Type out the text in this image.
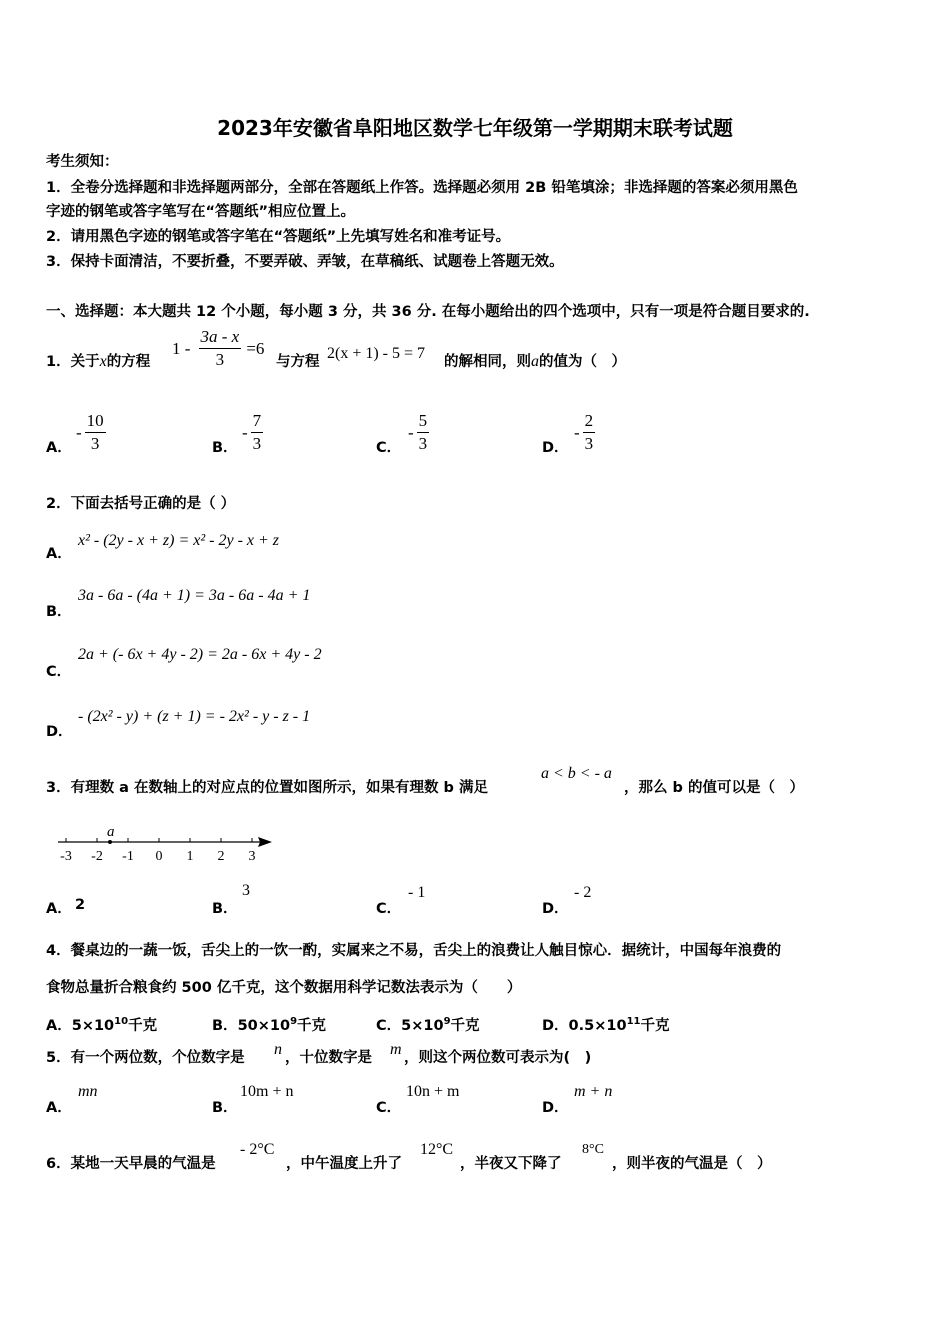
2023年安徽省阜阳地区数学七年级第一学期期末联考试题
考生须知：
1．全卷分选择题和非选择题两部分，全部在答题纸上作答。选择题必须用 2B 铅笔填涂；非选择题的答案必须用黑色
字迹的钢笔或答字笔写在“答题纸”相应位置上。
2．请用黑色字迹的钢笔或答字笔在“答题纸”上先填写姓名和准考证号。
3．保持卡面清洁，不要折叠，不要弄破、弄皱，在草稿纸、试题卷上答题无效。
一、选择题：本大题共 12 个小题，每小题 3 分，共 36 分. 在每小题给出的四个选项中，只有一项是符合题目要求的.
1．关于x的方程
$1 - \frac{3a - x}{3} =6$
与方程 2(x + 1) - 5 = 7 的解相同，则a的值为（　）
A．
- $\frac{10}{3}$	B．
- $\frac{7}{3}$	C．
- $\frac{5}{3}$	D．
- $\frac{2}{3}$
2．下面去括号正确的是（ ）
A．
x² - (2y - x + z) = x² - 2y - x + z
B．
3a - 6a - (4a + 1) = 3a - 6a - 4a + 1
C．
2a + (- 6x + 4y - 2) = 2a - 6x + 4y - 2
D．
- (2x² - y) + (z + 1) = - 2x² - y - z - 1
3．有理数 a 在数轴上的对应点的位置如图所示，如果有理数 b 满足
a < b < - a
，那么 b 的值可以是（　）
-3 -2 -1 0 1 2 3
a
A． 2	B．
3
C．
- 1
D．
- 2
4．餐桌边的一蔬一饭，舌尖上的一饮一酌，实属来之不易，舌尖上的浪费让人触目惊心．据统计，中国每年浪费的
食物总量折合粮食约 500 亿千克，这个数据用科学记数法表示为（　　）
A．$5\times 10^{10}$千克	B．$50\times 10^9$千克	C．$5\times 10^9$千克	D．$0.5\times 10^{11}$千克
5．有一个两位数，个位数字是 n ，十位数字是 m ，则这个两位数可表示为(　)
A．
mn
B．
10m + n
C．
10n + m
D．
m + n
6．某地一天早晨的气温是
- 2°C
，中午温度上升了
12°C
，半夜又下降了
8°C
，则半夜的气温是（　）
